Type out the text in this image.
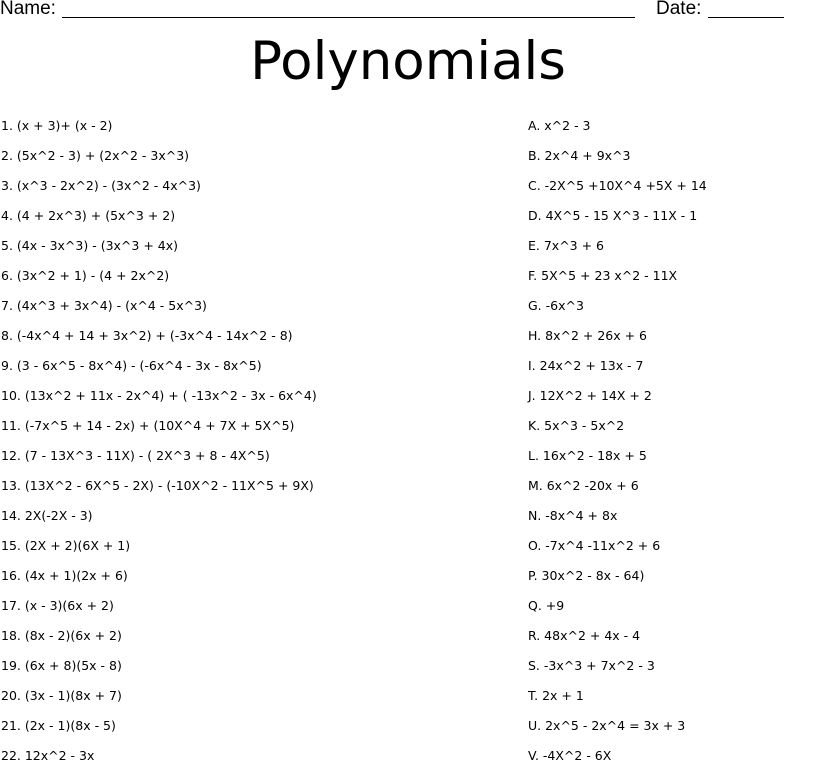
Name:	Date:
Polynomials
1. (x + 3)+ (x - 2)
2. (5x^2 - 3) + (2x^2 - 3x^3)
3. (x^3 - 2x^2) - (3x^2 - 4x^3)
4. (4 + 2x^3) + (5x^3 + 2)
5. (4x - 3x^3) - (3x^3 + 4x)
6. (3x^2 + 1) - (4 + 2x^2)
7. (4x^3 + 3x^4) - (x^4 - 5x^3)
8. (-4x^4 + 14 + 3x^2) + (-3x^4 - 14x^2 - 8)
9. (3 - 6x^5 - 8x^4) - (-6x^4 - 3x - 8x^5)
10. (13x^2 + 11x - 2x^4) + ( -13x^2 - 3x - 6x^4)
11. (-7x^5 + 14 - 2x) + (10X^4 + 7X + 5X^5)
12. (7 - 13X^3 - 11X) - ( 2X^3 + 8 - 4X^5)
13. (13X^2 - 6X^5 - 2X) - (-10X^2 - 11X^5 + 9X)
14. 2X(-2X - 3)
15. (2X + 2)(6X + 1)
16. (4x + 1)(2x + 6)
17. (x - 3)(6x + 2)
18. (8x - 2)(6x + 2)
19. (6x + 8)(5x - 8)
20. (3x - 1)(8x + 7)
21. (2x - 1)(8x - 5)
22. 12x^2 - 3x
A. x^2 - 3
B. 2x^4 + 9x^3
C. -2X^5 +10X^4 +5X + 14
D. 4X^5 - 15 X^3 - 11X - 1
E. 7x^3 + 6
F. 5X^5 + 23 x^2 - 11X
G. -6x^3
H. 8x^2 + 26x + 6
I. 24x^2 + 13x - 7
J. 12X^2 + 14X + 2
K. 5x^3 - 5x^2
L. 16x^2 - 18x + 5
M. 6x^2 -20x + 6
N. -8x^4 + 8x
O. -7x^4 -11x^2 + 6
P. 30x^2 - 8x - 64)
Q. +9
R. 48x^2 + 4x - 4
S. -3x^3 + 7x^2 - 3
T. 2x + 1
U. 2x^5 - 2x^4 = 3x + 3
V. -4X^2 - 6X
